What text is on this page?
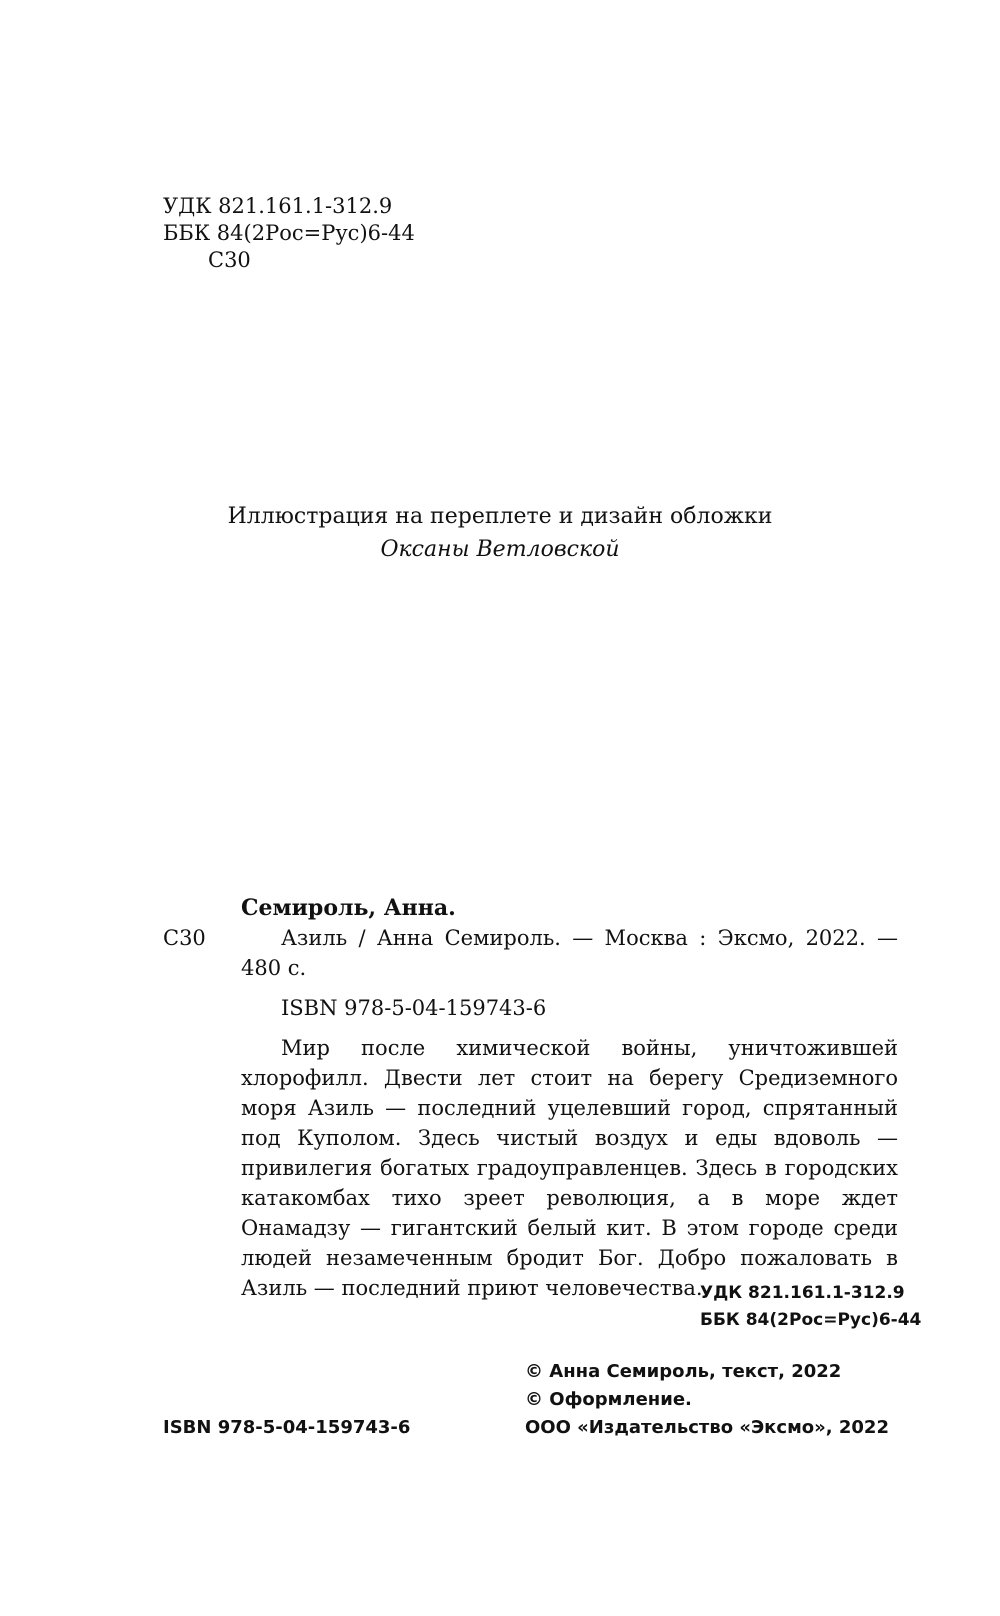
УДК 821.161.1-312.9
ББК 84(2Рос=Рус)6-44
С30
Иллюстрация на переплете и дизайн обложки
Оксаны Ветловской
Семироль, Анна.
С30	Азиль / Анна Семироль. — Москва : Эксмо, 2022. —
480 с.
ISBN 978-5-04-159743-6
Мир после химической войны, уничтожившей хлорофилл. Двести лет стоит на берегу Средиземного моря Азиль — последний уцелевший город, спрятанный под Куполом. Здесь чистый воздух и еды вдоволь — привилегия богатых градоуправленцев. Здесь в городских катакомбах тихо зреет революция, а в море ждет Онамадзу — гигантский белый кит. В этом городе среди людей незамеченным бродит Бог. Добро пожаловать в Азиль — последний приют человечества.
УДК 821.161.1-312.9
ББК 84(2Рос=Рус)6-44
© Анна Семироль, текст, 2022
© Оформление.
ООО «Издательство «Эксмо», 2022
ISBN 978-5-04-159743-6
